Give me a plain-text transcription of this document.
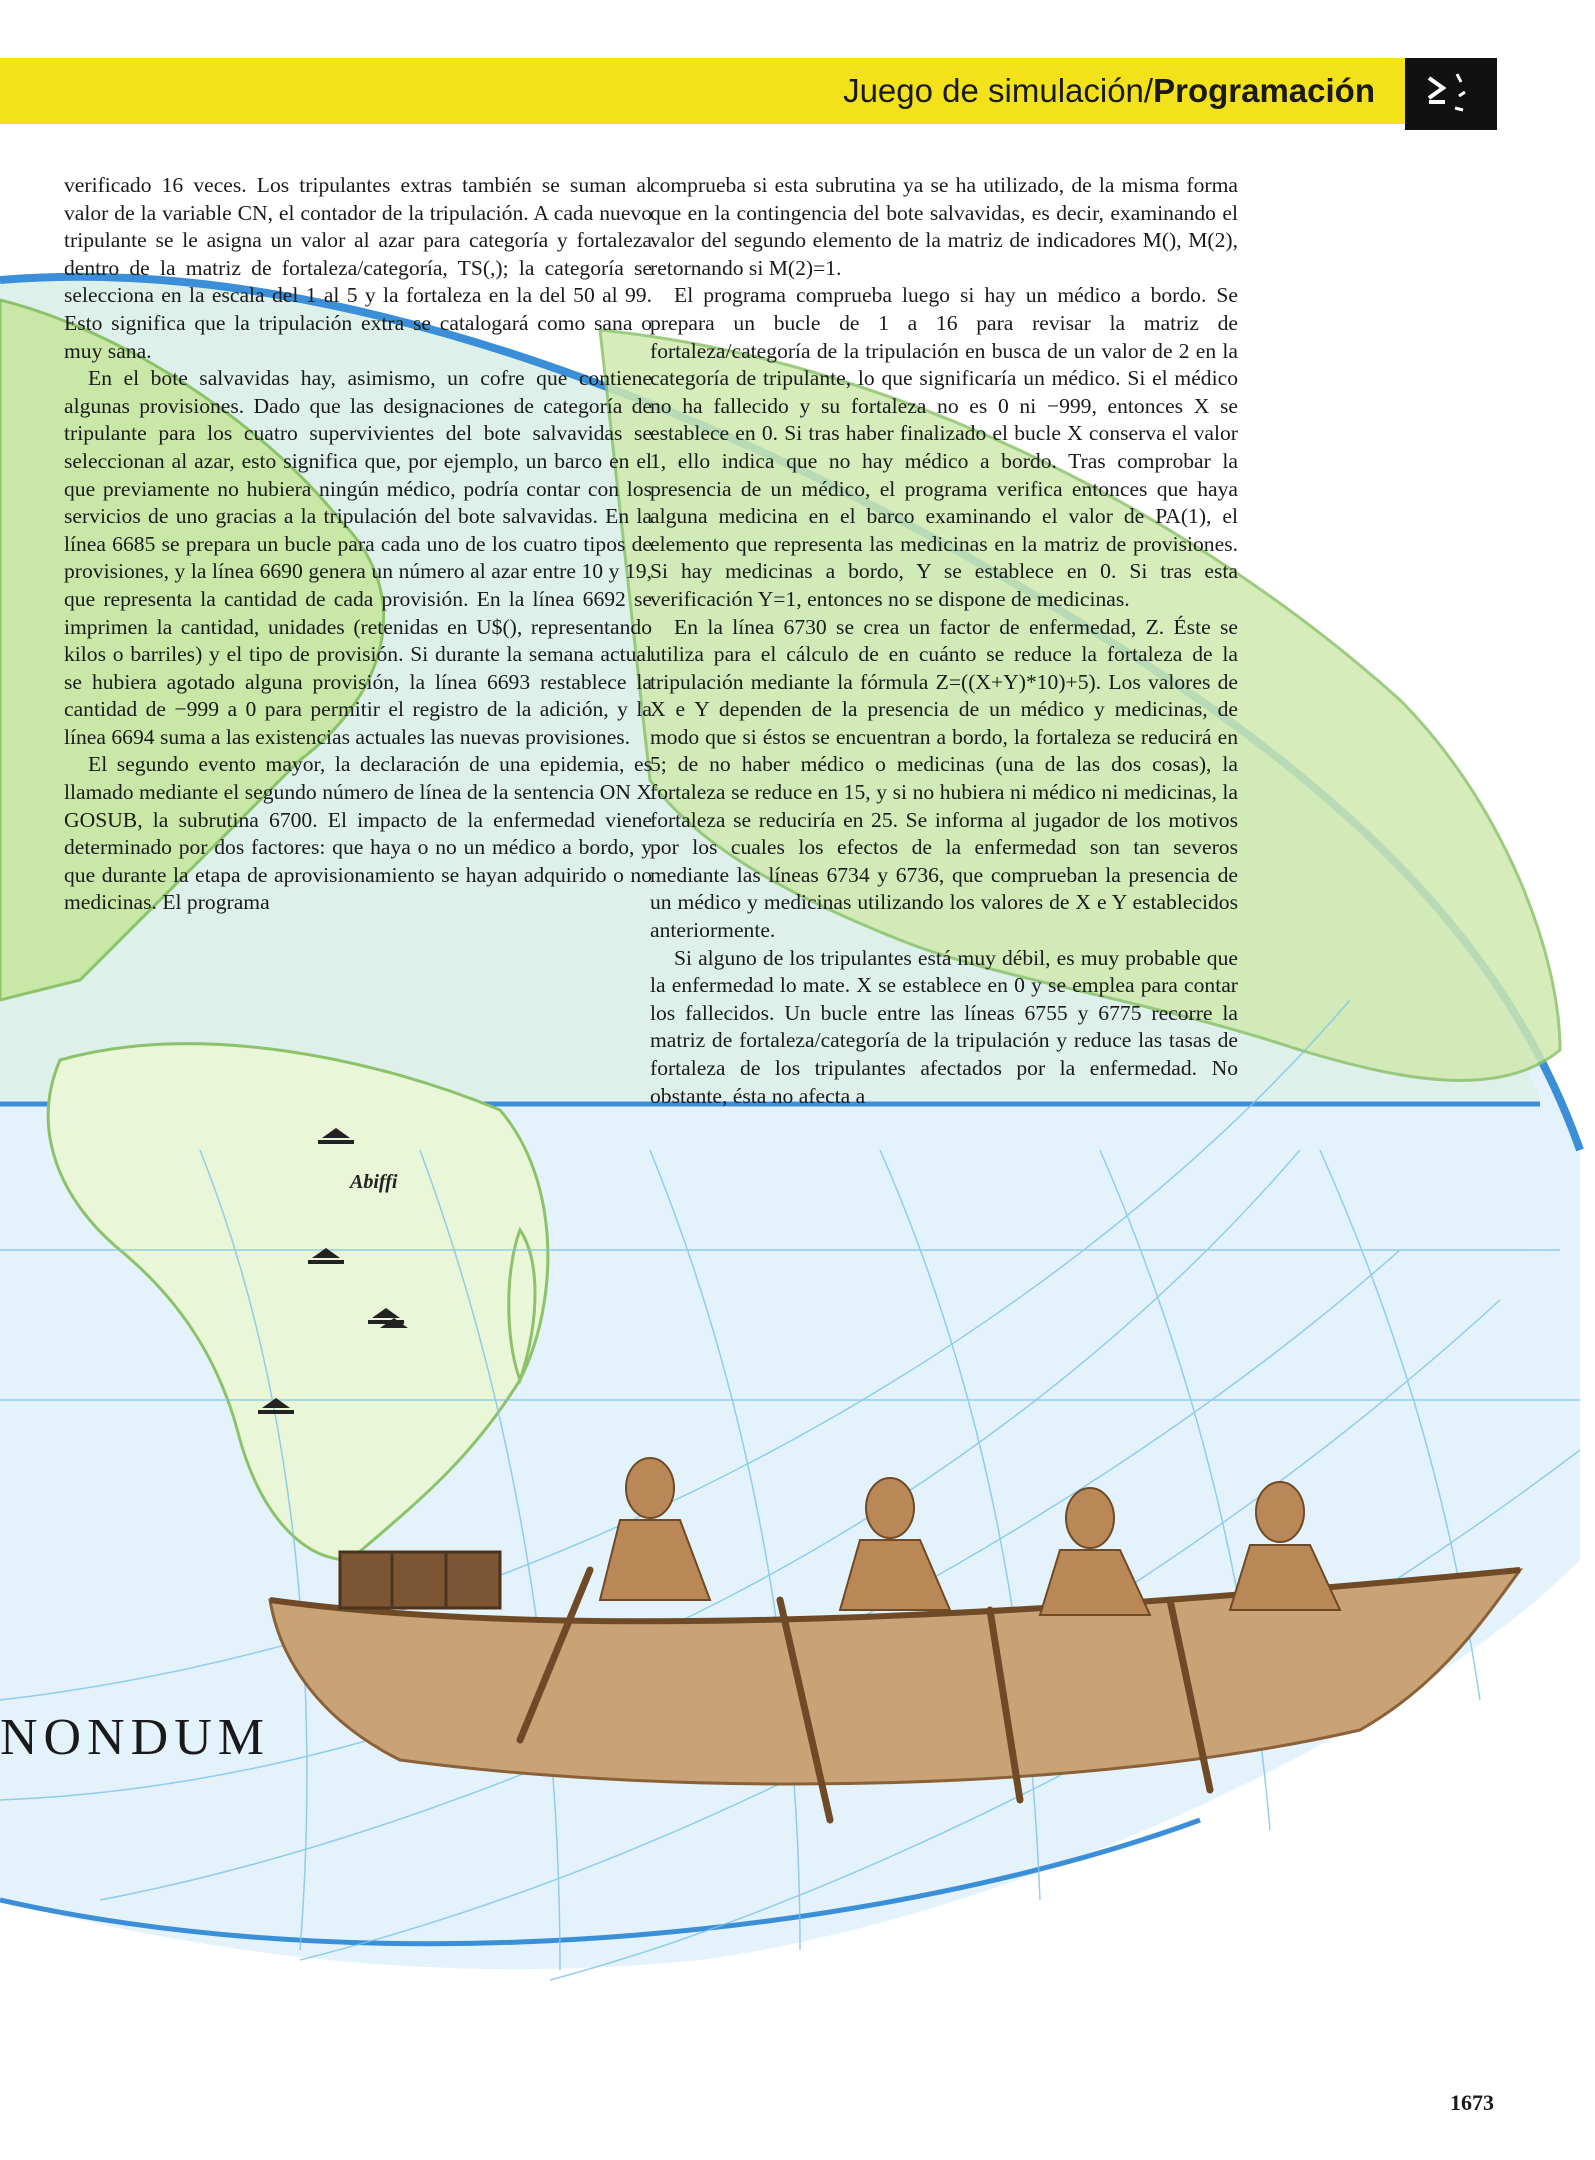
Abiffi
Juego de simulación/Programación

verificado 16 veces. Los tripulantes extras también se suman al valor de la variable CN, el contador de la tripulación. A cada nuevo tripulante se le asigna un valor al azar para categoría y fortaleza dentro de la matriz de fortaleza/categoría, TS(,); la categoría se selecciona en la escala del 1 al 5 y la fortaleza en la del 50 al 99. Esto significa que la tripulación extra se catalogará como sana o muy sana.

En el bote salvavidas hay, asimismo, un cofre que contiene algunas provisiones. Dado que las designaciones de categoría de tripulante para los cuatro supervivientes del bote salvavidas se seleccionan al azar, esto significa que, por ejemplo, un barco en el que previamente no hubiera ningún médico, podría contar con los servicios de uno gracias a la tripulación del bote salvavidas. En la línea 6685 se prepara un bucle para cada uno de los cuatro tipos de provisiones, y la línea 6690 genera un número al azar entre 10 y 19, que representa la cantidad de cada provisión. En la línea 6692 se imprimen la cantidad, unidades (retenidas en U$(), representando kilos o barriles) y el tipo de provisión. Si durante la semana actual se hubiera agotado alguna provisión, la línea 6693 restablece la cantidad de −999 a 0 para permitir el registro de la adición, y la línea 6694 suma a las existencias actuales las nuevas provisiones.

El segundo evento mayor, la declaración de una epidemia, es llamado mediante el segundo número de línea de la sentencia ON X GOSUB, la subrutina 6700. El impacto de la enfermedad viene determinado por dos factores: que haya o no un médico a bordo, y que durante la etapa de aprovisionamiento se hayan adquirido o no medicinas. El programa

comprueba si esta subrutina ya se ha utilizado, de la misma forma que en la contingencia del bote salvavidas, es decir, examinando el valor del segundo elemento de la matriz de indicadores M(), M(2), retornando si M(2)=1.

El programa comprueba luego si hay un médico a bordo. Se prepara un bucle de 1 a 16 para revisar la matriz de fortaleza/categoría de la tripulación en busca de un valor de 2 en la categoría de tripulante, lo que significaría un médico. Si el médico no ha fallecido y su fortaleza no es 0 ni −999, entonces X se establece en 0. Si tras haber finalizado el bucle X conserva el valor 1, ello indica que no hay médico a bordo. Tras comprobar la presencia de un médico, el programa verifica entonces que haya alguna medicina en el barco examinando el valor de PA(1), el elemento que representa las medicinas en la matriz de provisiones. Si hay medicinas a bordo, Y se establece en 0. Si tras esta verificación Y=1, entonces no se dispone de medicinas.

En la línea 6730 se crea un factor de enfermedad, Z. Éste se utiliza para el cálculo de en cuánto se reduce la fortaleza de la tripulación mediante la fórmula Z=((X+Y)*10)+5). Los valores de X e Y dependen de la presencia de un médico y medicinas, de modo que si éstos se encuentran a bordo, la fortaleza se reducirá en 5; de no haber médico o medicinas (una de las dos cosas), la fortaleza se reduce en 15, y si no hubiera ni médico ni medicinas, la fortaleza se reduciría en 25. Se informa al jugador de los motivos por los cuales los efectos de la enfermedad son tan severos mediante las líneas 6734 y 6736, que comprueban la presencia de un médico y medicinas utilizando los valores de X e Y establecidos anteriormente.

Si alguno de los tripulantes está muy débil, es muy probable que la enfermedad lo mate. X se establece en 0 y se emplea para contar los fallecidos. Un bucle entre las líneas 6755 y 6775 recorre la matriz de fortaleza/categoría de la tripulación y reduce las tasas de fortaleza de los tripulantes afectados por la enfermedad. No obstante, ésta no afecta a

NONDUM
1673
